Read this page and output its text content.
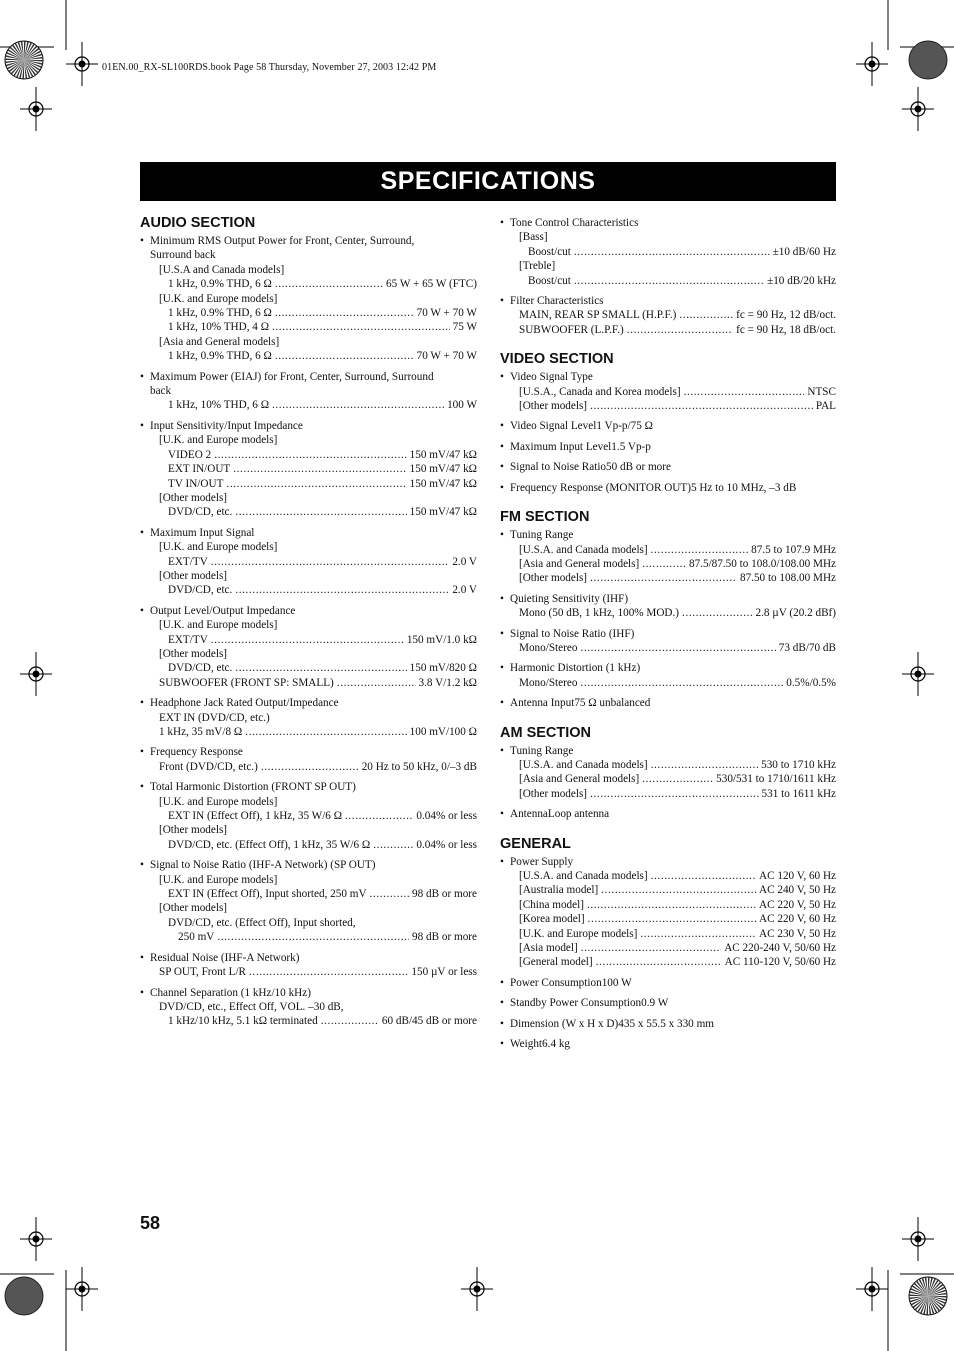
01EN.00_RX-SL100RDS.book Page 58 Thursday, November 27, 2003 12:42 PM
SPECIFICATIONS
AUDIO SECTION
• Minimum RMS Output Power for Front, Center, Surround,
Surround back
[U.S.A and Canada models]
1 kHz, 0.9% THD, 6 Ω .....	65 W + 65 W (FTC)
[U.K. and Europe models]
1 kHz, 0.9% THD, 6 Ω .....	70 W + 70 W
1 kHz, 10% THD, 4 Ω .....	75 W
[Asia and General models]
1 kHz, 0.9% THD, 6 Ω .....	70 W + 70 W
• Maximum Power (EIAJ) for Front, Center, Surround, Surround
back
1 kHz, 10% THD, 6 Ω .....	100 W
• Input Sensitivity/Input Impedance
[U.K. and Europe models]
VIDEO 2 .....	150 mV/47 kΩ
EXT IN/OUT .....	150 mV/47 kΩ
TV IN/OUT .....	150 mV/47 kΩ
[Other models]
DVD/CD, etc. .....	150 mV/47 kΩ
• Maximum Input Signal
[U.K. and Europe models]
EXT/TV .....	2.0 V
[Other models]
DVD/CD, etc. .....	2.0 V
• Output Level/Output Impedance
[U.K. and Europe models]
EXT/TV .....	150 mV/1.0 kΩ
[Other models]
DVD/CD, etc. .....	150 mV/820 Ω
SUBWOOFER (FRONT SP: SMALL) .....	3.8 V/1.2 kΩ
• Headphone Jack Rated Output/Impedance
EXT IN (DVD/CD, etc.)
1 kHz, 35 mV/8 Ω .....	100 mV/100 Ω
• Frequency Response
Front (DVD/CD, etc.) .....	20 Hz to 50 kHz, 0/–3 dB
• Total Harmonic Distortion (FRONT SP OUT)
[U.K. and Europe models]
EXT IN (Effect Off), 1 kHz, 35 W/6 Ω .....	0.04% or less
[Other models]
DVD/CD, etc. (Effect Off), 1 kHz, 35 W/6 Ω .....	0.04% or less
• Signal to Noise Ratio (IHF-A Network) (SP OUT)
[U.K. and Europe models]
EXT IN (Effect Off), Input shorted, 250 mV .....	98 dB or more
[Other models]
DVD/CD, etc. (Effect Off), Input shorted,
250 mV .....	98 dB or more
• Residual Noise (IHF-A Network)
SP OUT, Front L/R .....	150 µV or less
• Channel Separation (1 kHz/10 kHz)
DVD/CD, etc., Effect Off, VOL. –30 dB,
1 kHz/10 kHz, 5.1 kΩ terminated .....	60 dB/45 dB or more
• Tone Control Characteristics
[Bass]
Boost/cut .....	±10 dB/60 Hz
[Treble]
Boost/cut .....	±10 dB/20 kHz
• Filter Characteristics
MAIN, REAR SP SMALL (H.P.F.) .....	fc = 90 Hz, 12 dB/oct.
SUBWOOFER (L.P.F.) .....	fc = 90 Hz, 18 dB/oct.
VIDEO SECTION
• Video Signal Type
[U.S.A., Canada and Korea models] .....	NTSC
[Other models] .....	PAL
• Video Signal Level 1 Vp-p/75 Ω
• Maximum Input Level 1.5 Vp-p
• Signal to Noise Ratio 50 dB or more
• Frequency Response (MONITOR OUT) 5 Hz to 10 MHz, –3 dB
FM SECTION
• Tuning Range
[U.S.A. and Canada models] .....	87.5 to 107.9 MHz
[Asia and General models] .....	87.5/87.50 to 108.0/108.00 MHz
[Other models] .....	87.50 to 108.00 MHz
• Quieting Sensitivity (IHF)
Mono (50 dB, 1 kHz, 100% MOD.) .....	2.8 µV (20.2 dBf)
• Signal to Noise Ratio (IHF)
Mono/Stereo .....	73 dB/70 dB
• Harmonic Distortion (1 kHz)
Mono/Stereo .....	0.5%/0.5%
• Antenna Input 75 Ω unbalanced
AM SECTION
• Tuning Range
[U.S.A. and Canada models] .....	530 to 1710 kHz
[Asia and General models] .....	530/531 to 1710/1611 kHz
[Other models] .....	531 to 1611 kHz
• Antenna Loop antenna
GENERAL
• Power Supply
[U.S.A. and Canada models] .....	AC 120 V, 60 Hz
[Australia model] .....	AC 240 V, 50 Hz
[China model] .....	AC 220 V, 50 Hz
[Korea model] .....	AC 220 V, 60 Hz
[U.K. and Europe models] .....	AC 230 V, 50 Hz
[Asia model] .....	AC 220-240 V, 50/60 Hz
[General model] .....	AC 110-120 V, 50/60 Hz
• Power Consumption 100 W
• Standby Power Consumption 0.9 W
• Dimension (W x H x D) 435 x 55.5 x 330 mm
• Weight 6.4 kg
58
